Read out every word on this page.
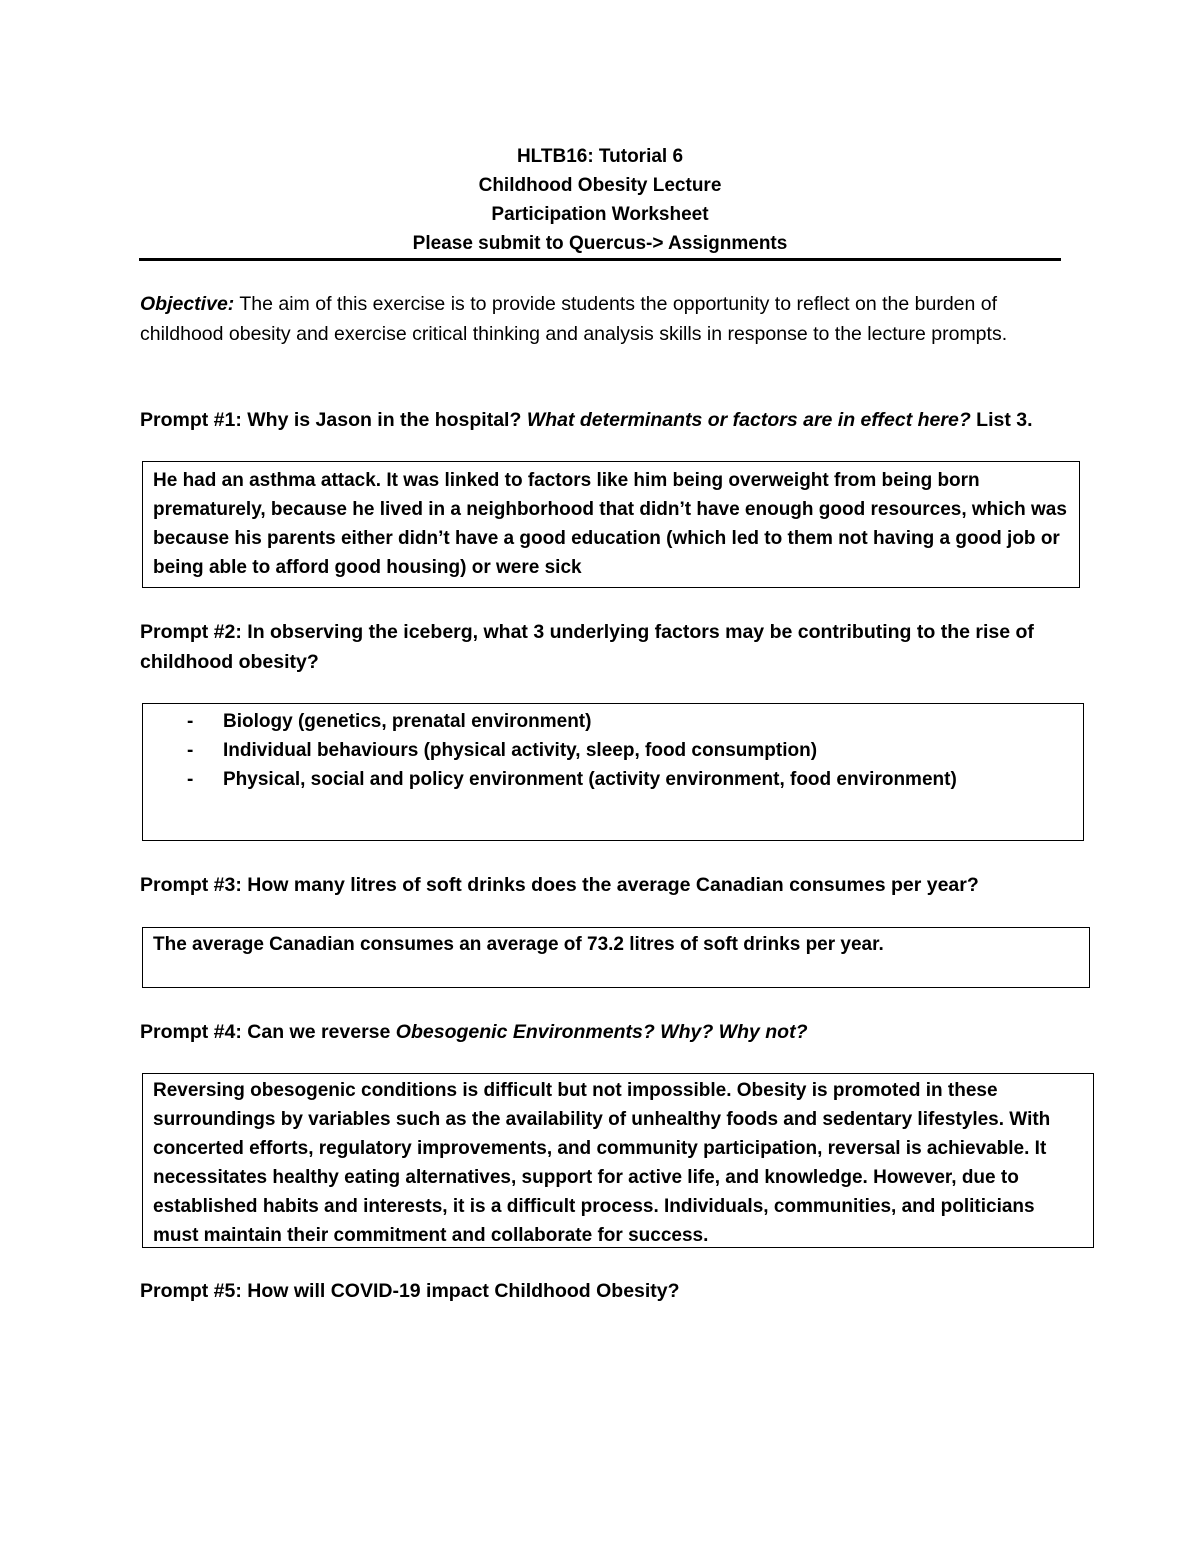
HLTB16: Tutorial 6
Childhood Obesity Lecture
Participation Worksheet
Please submit to Quercus-> Assignments
Objective: The aim of this exercise is to provide students the opportunity to reflect on the burden of childhood obesity and exercise critical thinking and analysis skills in response to the lecture prompts.
Prompt #1: Why is Jason in the hospital? What determinants or factors are in effect here? List 3.

He had an asthma attack. It was linked to factors like him being overweight from being born prematurely, because he lived in a neighborhood that didn’t have enough good resources, which was because his parents either didn’t have a good education (which led to them not having a good job or being able to afford good housing) or were sick

Prompt #2: In observing the iceberg, what 3 underlying factors may be contributing to the rise of childhood obesity?
- Biology (genetics, prenatal environment)
- Individual behaviours (physical activity, sleep, food consumption)
- Physical, social and policy environment (activity environment, food environment)
Prompt #3: How many litres of soft drinks does the average Canadian consumes per year?

The average Canadian consumes an average of 73.2 litres of soft drinks per year.

Prompt #4: Can we reverse Obesogenic Environments? Why? Why not?

Reversing obesogenic conditions is difficult but not impossible. Obesity is promoted in these surroundings by variables such as the availability of unhealthy foods and sedentary lifestyles. With concerted efforts, regulatory improvements, and community participation, reversal is achievable. It necessitates healthy eating alternatives, support for active life, and knowledge. However, due to established habits and interests, it is a difficult process. Individuals, communities, and politicians must maintain their commitment and collaborate for success.

Prompt #5: How will COVID-19 impact Childhood Obesity?
